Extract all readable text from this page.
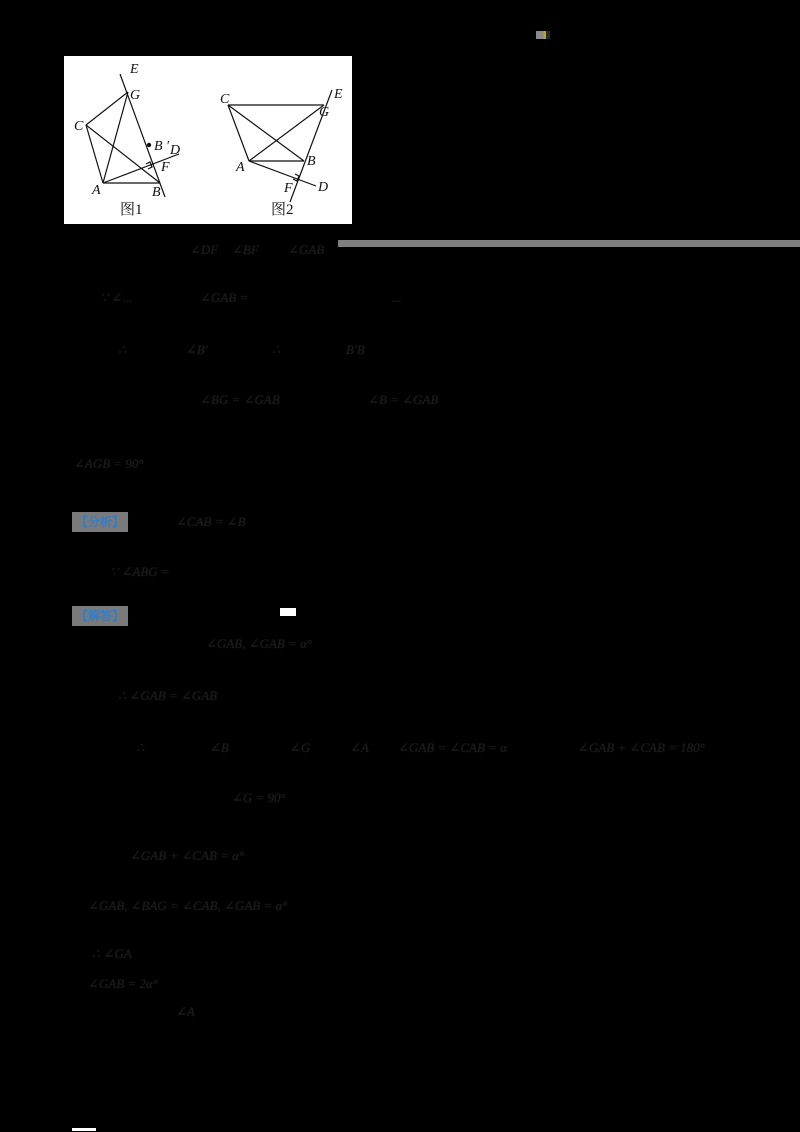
E
G
C
B ′ D
F
A	B
图1
C
G
E
A	B
F D
图2
【分析】
【解答】
∠DF ∠BF ∠GAB
∵ ∠...	∠GAB =	...
∴	∠B'	∴	B'B
∠BG = ∠GAB	∠B = ∠GAB
∠AGB = 90°
∠CAB = ∠B
∵ ∠ABG =
∠GAB, ∠GAB = α°
∴ ∠GAB = ∠GAB
∴	∠B	∠G	∠A ∠GAB = ∠CAB = α	∠GAB + ∠CAB = 180°
∠G = 90°
∠GAB + ∠CAB = α°
∠GAB, ∠BAG = ∠CAB, ∠GAB = α°
∴ ∠GA
∠GAB = 2α°
∠A
